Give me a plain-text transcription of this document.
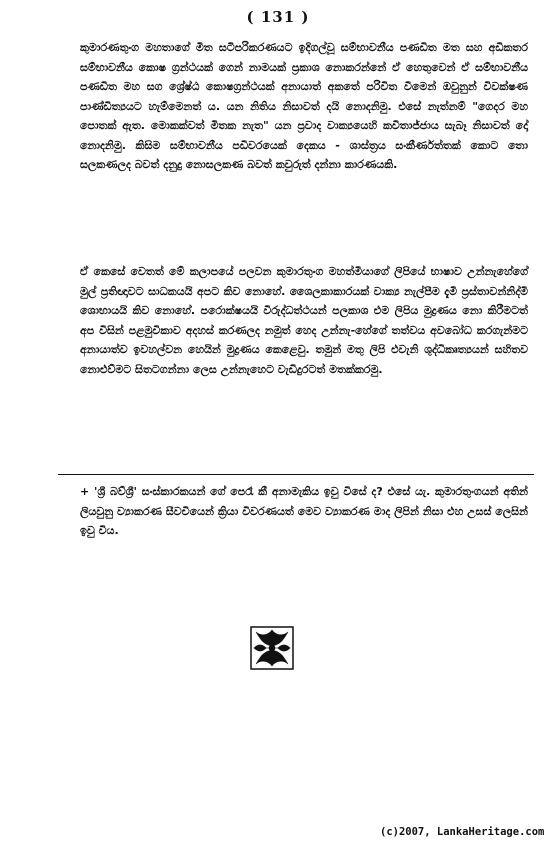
( 131 )

කුමාරණතුංග මහතාගේ මිත සටිපරිකරණයට ඉදිගල්වූ සම්භාවනීය පණඩිත මත සහ අඩිකතර සම්භාවනීය කොෂ ග්‍රන්ථයක් ගෙන් නාමයක් ප්‍රකාශ නොකරන්නේ ඒ හෙතුවෙන් ඒ සම්භාවනීය පණඩිත මහ සග ශ්‍රේෂ්ඨ කොෂග්‍රන්ථයක් අනායාත් අකතේ පරිවිත වීමෙන් ඔවුනුන් විවක්ෂණ පාණ්ඩිත්‍යයට හැම්මෙනත් ය. යන නිතිය නිසාවත් දයි නොදනිමු. එසේ නැත්නම් "ගෙදර මහ පොතක් ඇත. මොකක්වත් මිතක නැත" යන ප්‍රවාද වාක්‍යයෙහි කවිතාජ්ජාය සැබෑ නිසාවත් දෝ නොදනිමු. කිසිම සම්භාවනීය පඩිවරයෙක් දෙකය - ශාස්ත්‍රය සංකීර්ණත්තක් කොට තො සලකණලද බවත් දනුදු නොසලකණ බවත් කවුරුත් දන්නා කාරණයකි.

ඒ කෙසේ වෙතත් මේ කලාපයේ පලවන කුමාරතුංග මහත්මියාගේ ලිපියේ භාෂාව උන්නැහේගේ මුල් ප්‍රතිඥාවට සාධකයයි අපට කිව නොහේ. ශෛලකාකාරයක් වාක්‍ය නැල්පීම දැමී ප්‍රස්තාවන්නිද්මි ශොභායයි කිව නොහේ. පරොක්ෂයයි විරුද්ධත්ථයන් පලකාශ එම ලිපිය මුද්‍රණය නො කිරීමටත් අප විසින් පළමුවිකාව අදහස් කරණලද නමුත් හෙද උන්නැ-හේගේ තත්වය අවබෝධ කරගැන්මට අනායාත්ව ඉවහල්වන හෙයින් මුද්‍රණය කෙළෙවු. තමුන් මතු ලිපි එවැනි ශුද්ධිකෘත්‍යයන් සහිතව නොඑව්මට සිතටගන්නා ලෙස උන්නැහෙට වැඩිදුරටත් මතක්කරමු.

+ 'ශ්‍රී බව්ශ්‍රී' සංස්කාරකයන් ගේ පෙරෑ කී අනාමැකිය ඉවු විසේ ද? එසේ යැ. කුමාරතුංගයන් අතින් ලියවුනු ව්‍යාකරණ සීවචියෙන් ක්‍රියා විවරණයත් මෙව ව්‍යාකරණ මාද ලිපින් නිසා එහ උසස් ලෙසින් ඉවු විය.

(c)2007, LankaHeritage.com
